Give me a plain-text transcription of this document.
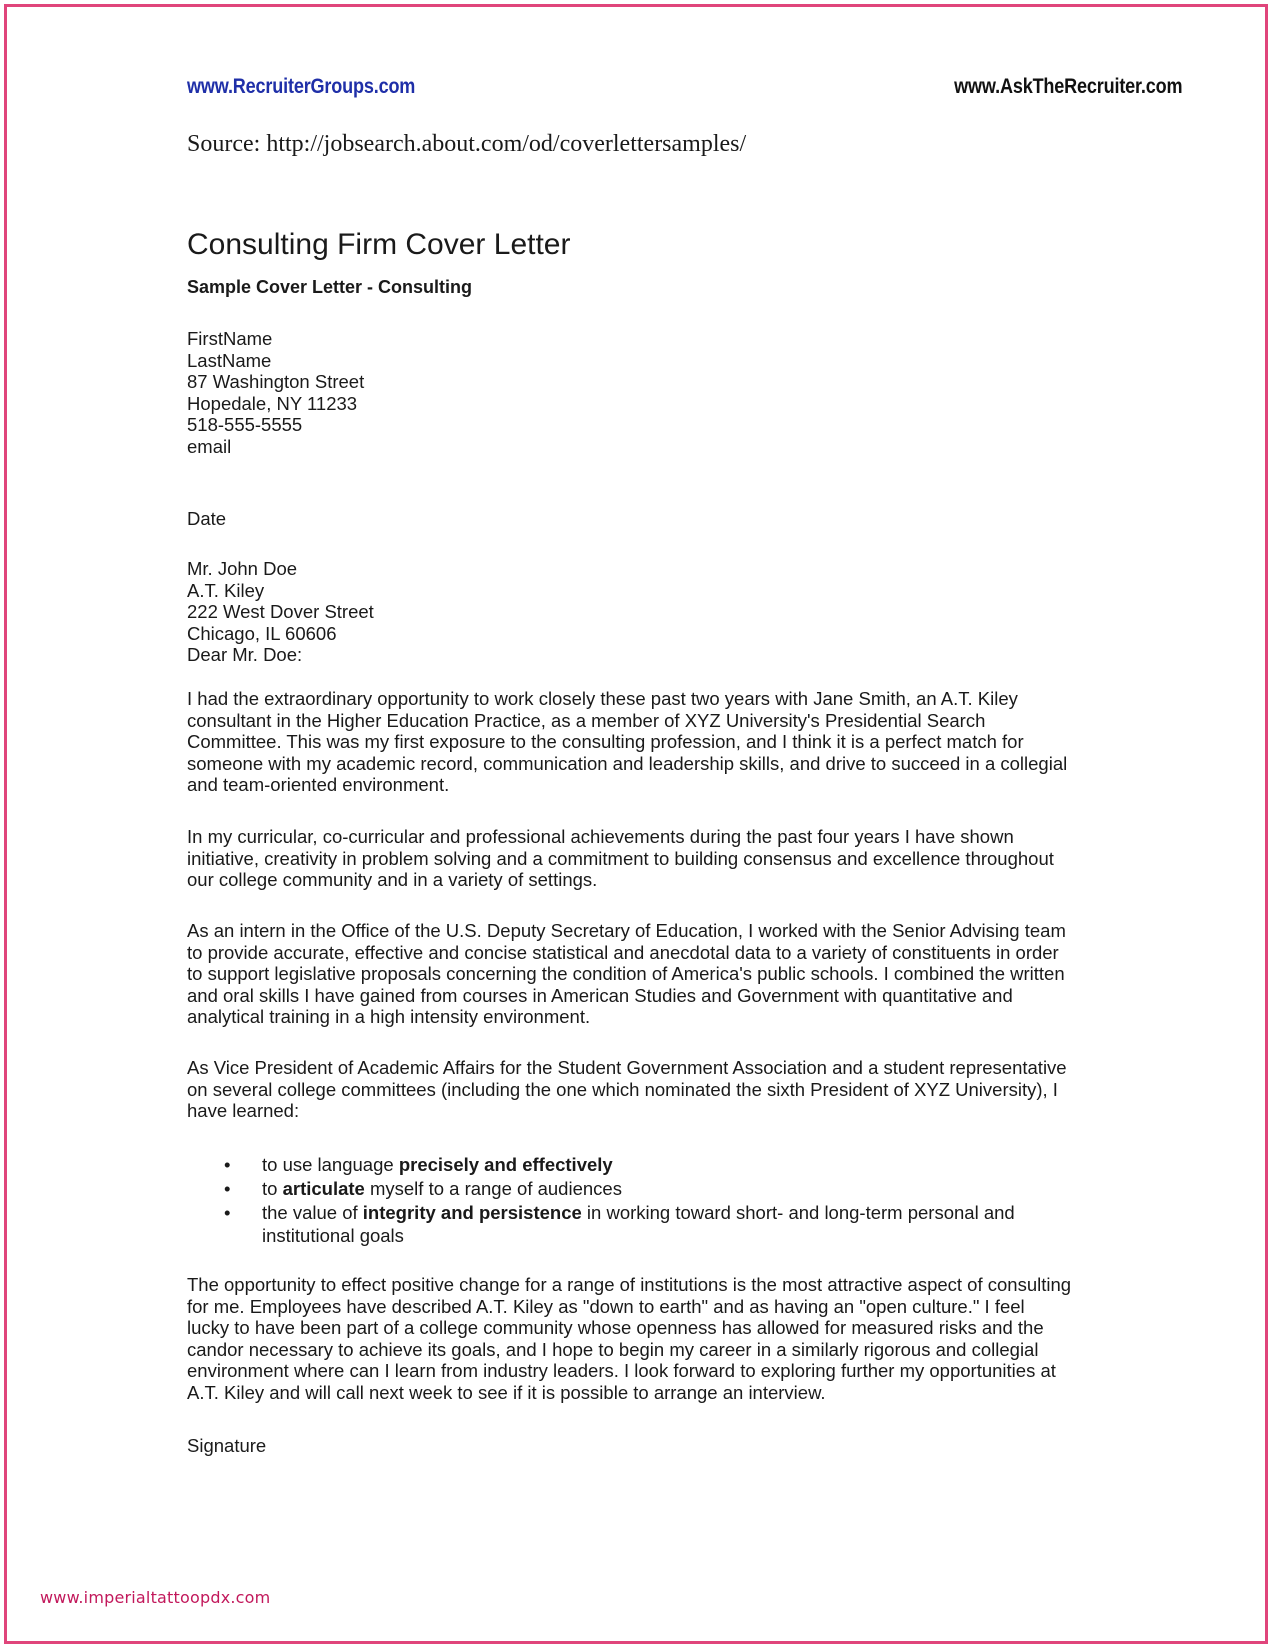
www.RecruiterGroups.com	www.AskTheRecruiter.com
Source: http://jobsearch.about.com/od/coverlettersamples/
Consulting Firm Cover Letter
Sample Cover Letter - Consulting
FirstName
LastName
87 Washington Street
Hopedale, NY 11233
518-555-5555
email
Date
Mr. John Doe
A.T. Kiley
222 West Dover Street
Chicago, IL 60606
Dear Mr. Doe:
I had the extraordinary opportunity to work closely these past two years with Jane Smith, an A.T. Kiley
consultant in the Higher Education Practice, as a member of XYZ University's Presidential Search
Committee. This was my first exposure to the consulting profession, and I think it is a perfect match for
someone with my academic record, communication and leadership skills, and drive to succeed in a collegial
and team-oriented environment.
In my curricular, co-curricular and professional achievements during the past four years I have shown
initiative, creativity in problem solving and a commitment to building consensus and excellence throughout
our college community and in a variety of settings.
As an intern in the Office of the U.S. Deputy Secretary of Education, I worked with the Senior Advising team
to provide accurate, effective and concise statistical and anecdotal data to a variety of constituents in order
to support legislative proposals concerning the condition of America's public schools. I combined the written
and oral skills I have gained from courses in American Studies and Government with quantitative and
analytical training in a high intensity environment.
As Vice President of Academic Affairs for the Student Government Association and a student representative
on several college committees (including the one which nominated the sixth President of XYZ University), I
have learned:
• to use language precisely and effectively
• to articulate myself to a range of audiences
• the value of integrity and persistence in working toward short- and long-term personal and
institutional goals
The opportunity to effect positive change for a range of institutions is the most attractive aspect of consulting
for me. Employees have described A.T. Kiley as "down to earth" and as having an "open culture." I feel
lucky to have been part of a college community whose openness has allowed for measured risks and the
candor necessary to achieve its goals, and I hope to begin my career in a similarly rigorous and collegial
environment where can I learn from industry leaders. I look forward to exploring further my opportunities at
A.T. Kiley and will call next week to see if it is possible to arrange an interview.
Signature
www.imperialtattoopdx.com
